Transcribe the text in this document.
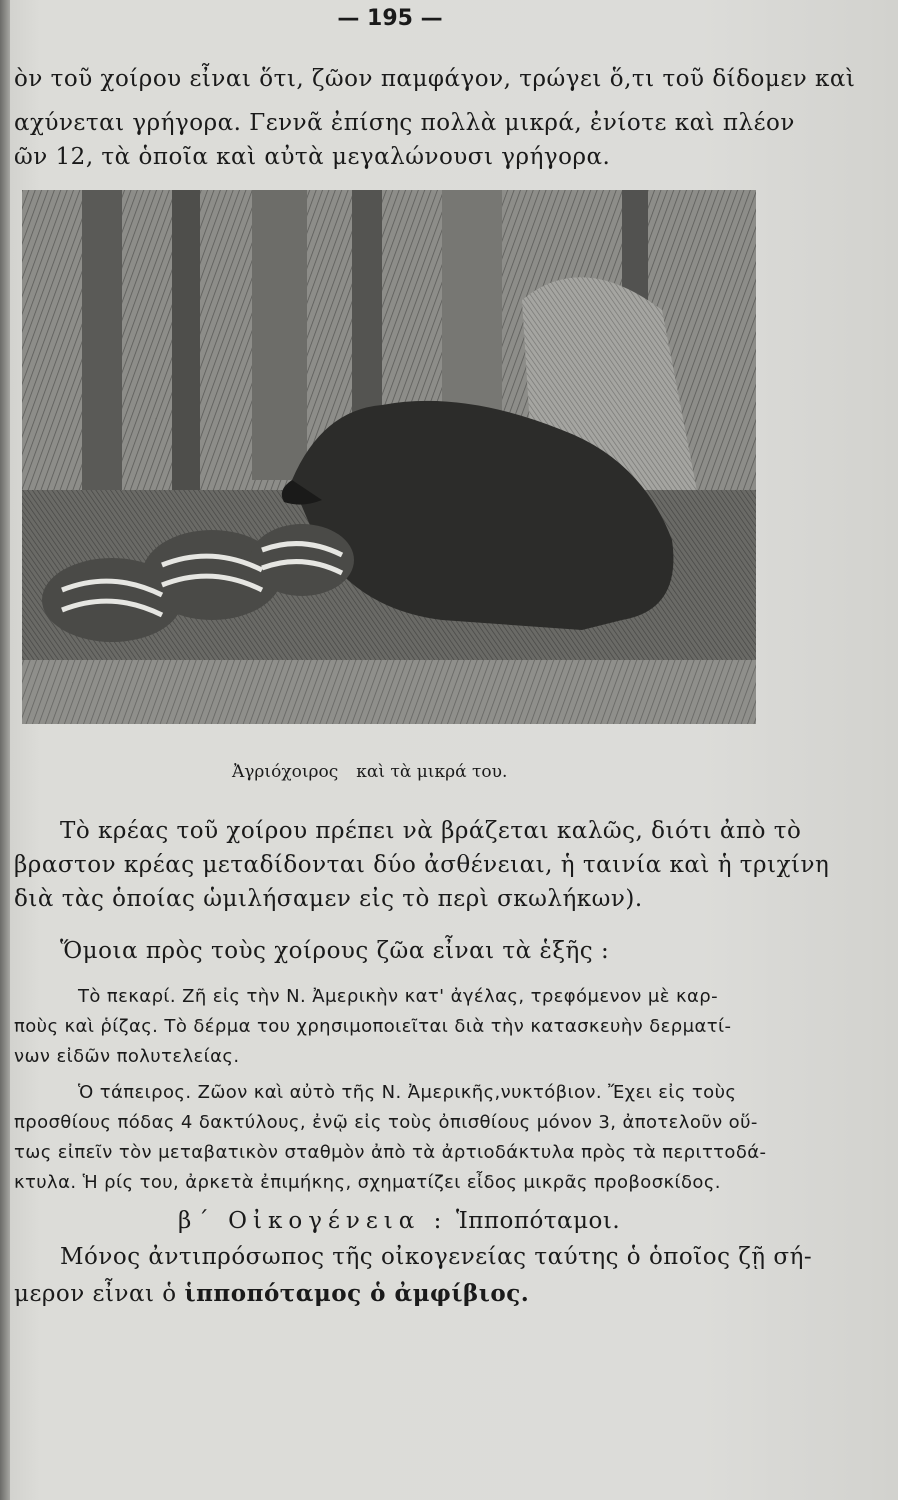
— 195 —
ὸν τοῦ χοίρου εἶναι ὅτι, ζῶον παμφάγον, τρώγει ὅ,τι τοῦ δίδομεν καὶ
αχύνεται γρήγορα. Γεννᾶ ἐπίσης πολλὰ μικρά, ἐνίοτε καὶ πλέον
ῶν 12, τὰ ὁποῖα καὶ αὐτὰ μεγαλώνουσι γρήγορα.
Ἀγριόχοιρος καὶ τὰ μικρά του.
Τὸ κρέας τοῦ χοίρου πρέπει νὰ βράζεται καλῶς, διότι ἀπὸ τὸ
βραστον κρέας μεταδίδονται δύο ἀσθένειαι, ἡ ταινία καὶ ἡ τριχίνη
διὰ τὰς ὁποίας ὡμιλήσαμεν εἰς τὸ περὶ σκωλήκων).
Ὅμοια πρὸς τοὺς χοίρους ζῶα εἶναι τὰ ἑξῆς :
Τὸ πεκαρί. Ζῆ εἰς τὴν Ν. Ἀμερικὴν κατ' ἀγέλας, τρεφόμενον μὲ καρ-
ποὺς καὶ ῥίζας. Τὸ δέρμα του χρησιμοποιεῖται διὰ τὴν κατασκευὴν δερματί-
νων εἰδῶν πολυτελείας.
Ὁ τάπειρος. Ζῶον καὶ αὐτὸ τῆς Ν. Ἀμερικῆς,νυκτόβιον. Ἔχει εἰς τοὺς
προσθίους πόδας 4 δακτύλους, ἐνῷ εἰς τοὺς ὀπισθίους μόνον 3, ἀποτελοῦν οὕ-
τως εἰπεῖν τὸν μεταβατικὸν σταθμὸν ἀπὸ τὰ ἀρτιοδάκτυλα πρὸς τὰ περιττοδά-
κτυλα. Ἡ ρίς του, ἀρκετὰ ἐπιμήκης, σχηματίζει εἶδος μικρᾶς προβοσκίδος.
β΄ Οἰκογένεια : Ἱπποπόταμοι.
Μόνος ἀντιπρόσωπος τῆς οἰκογενείας ταύτης ὁ ὁποῖος ζῇ σή-
μερον εἶναι ὁ ἱπποπόταμος ὁ ἀμφίβιος.
